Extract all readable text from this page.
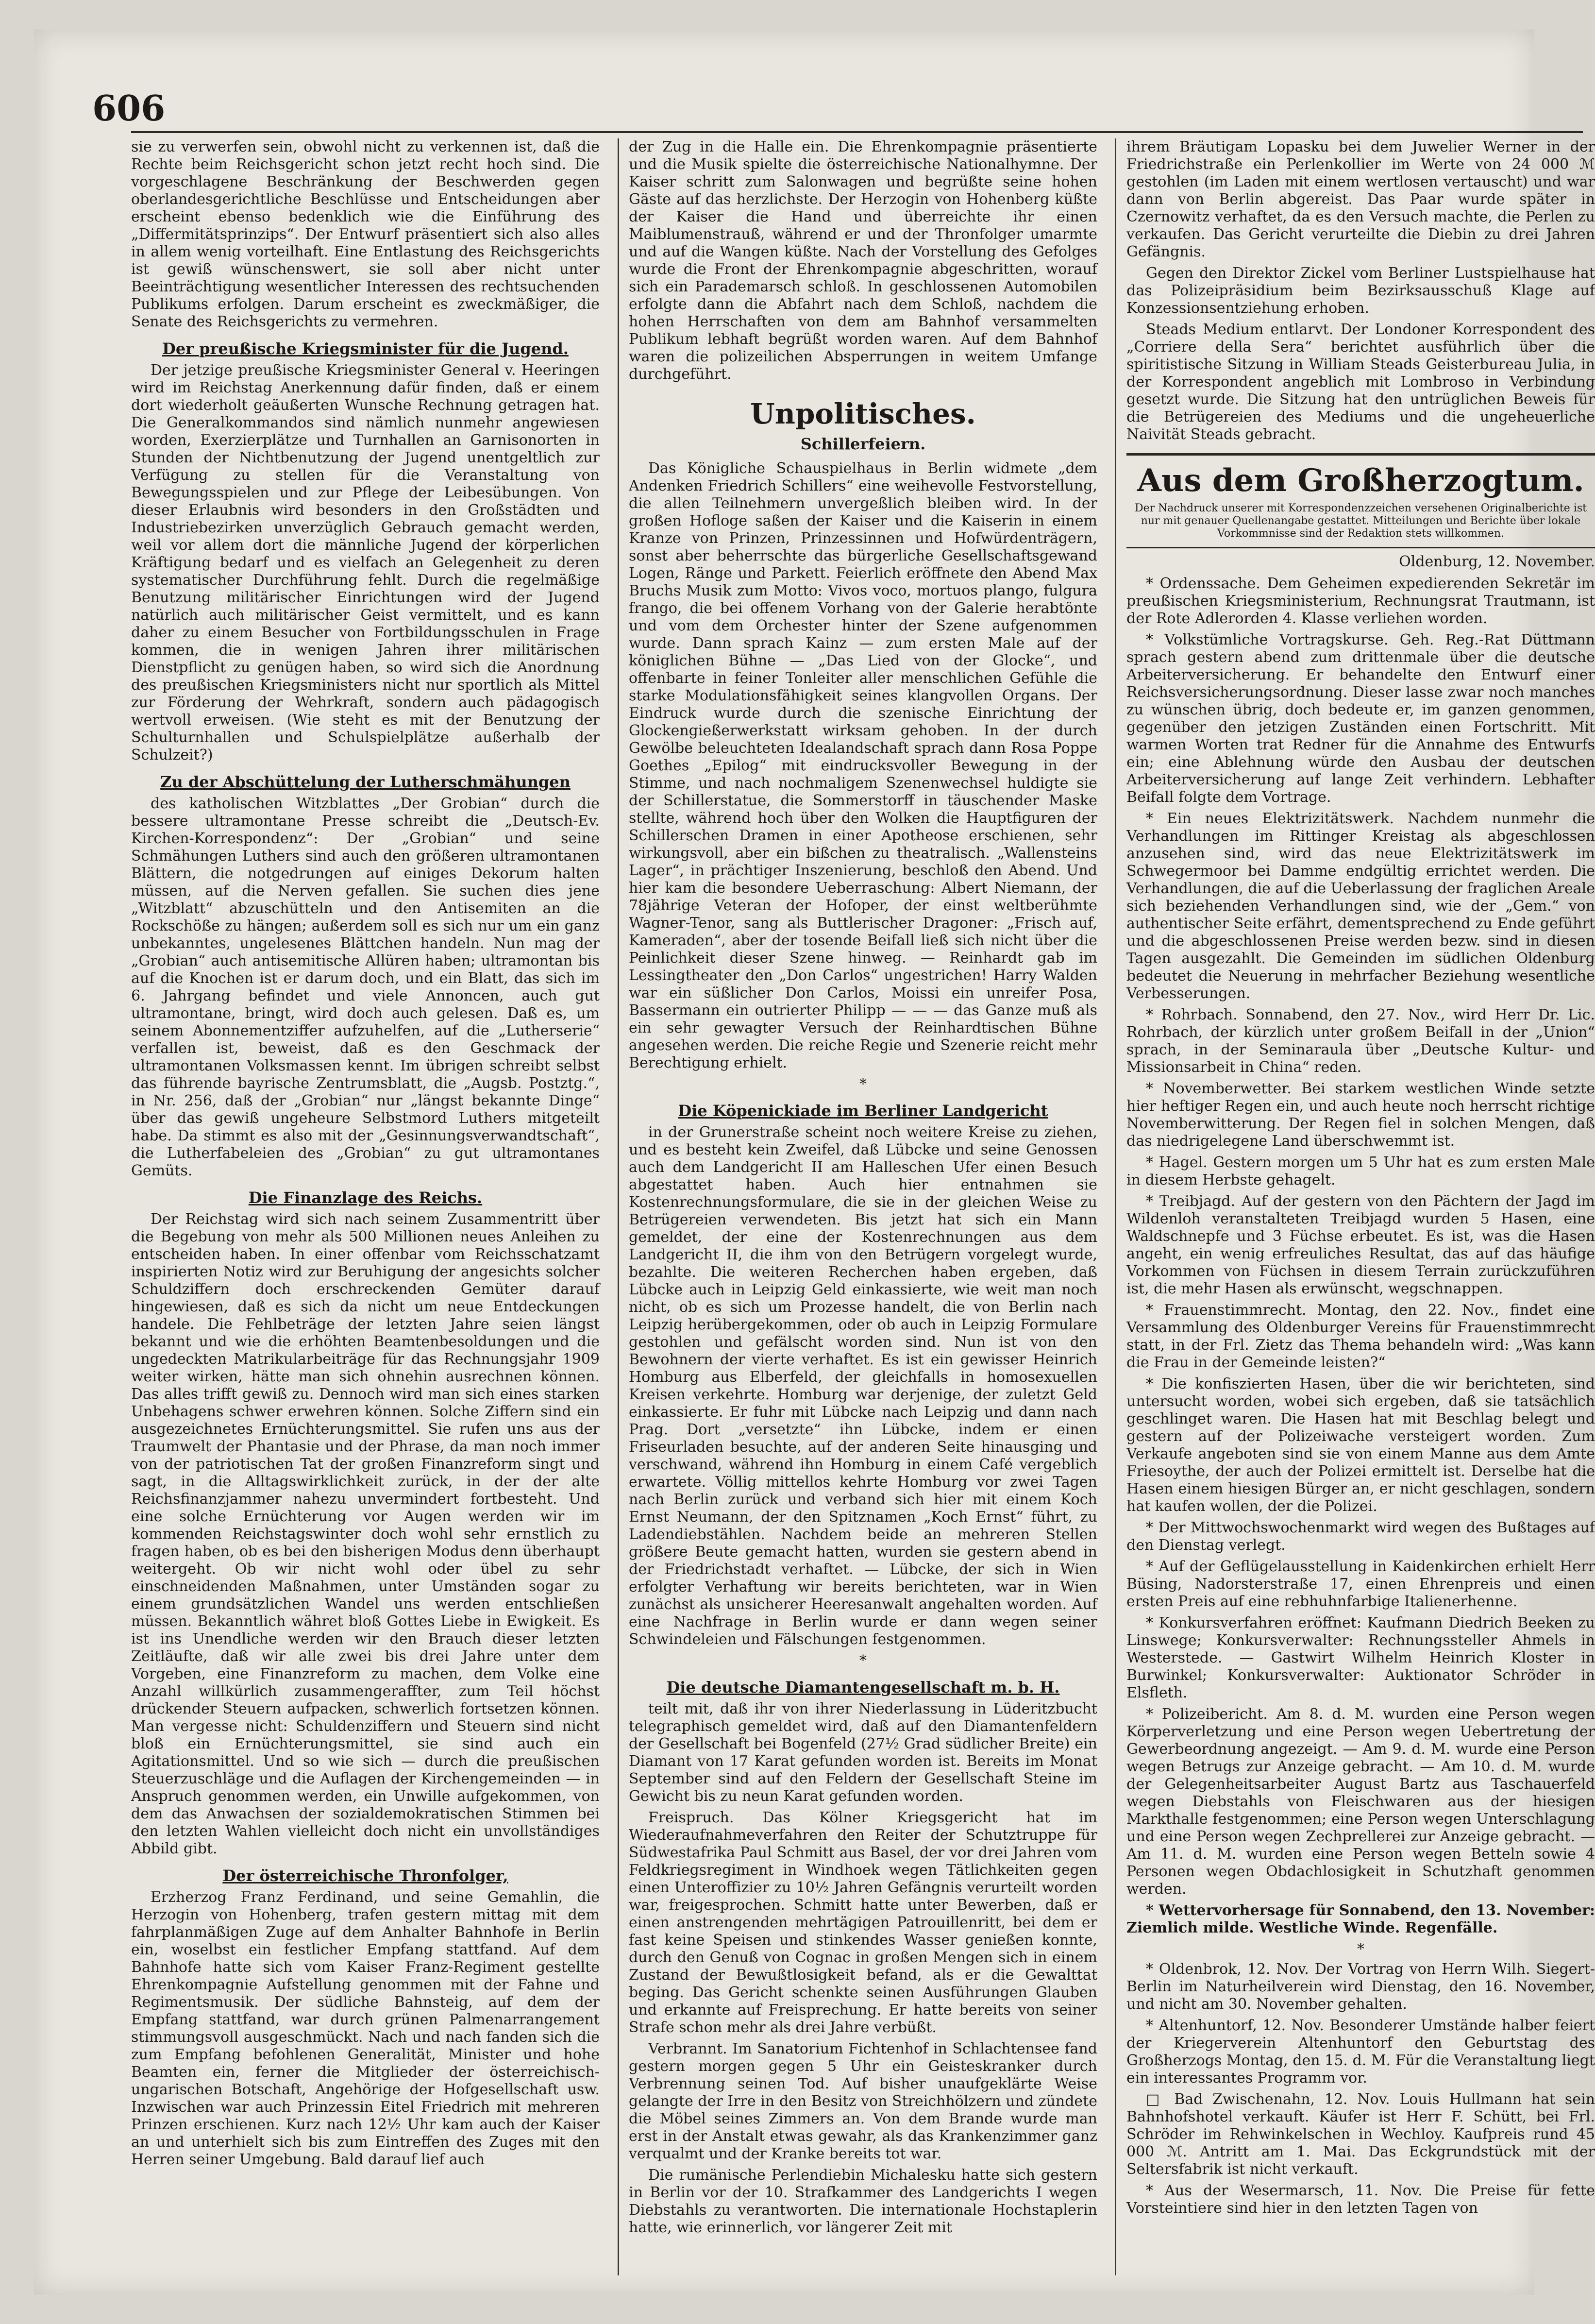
606

sie zu verwerfen sein, obwohl nicht zu verkennen ist, daß die Rechte beim Reichsgericht schon jetzt recht hoch sind. Die vorgeschlagene Beschränkung der Beschwerden gegen oberlandesgerichtliche Beschlüsse und Entscheidungen aber erscheint ebenso bedenklich wie die Einführung des „Differmitätsprinzips“. Der Entwurf präsentiert sich also alles in allem wenig vorteilhaft. Eine Entlastung des Reichsgerichts ist gewiß wünschenswert, sie soll aber nicht unter Beeinträchtigung wesentlicher Interessen des rechtsuchenden Publikums erfolgen. Darum erscheint es zweckmäßiger, die Senate des Reichsgerichts zu vermehren.

Der preußische Kriegsminister für die Jugend.

Der jetzige preußische Kriegsminister General v. Heeringen wird im Reichstag Anerkennung dafür finden, daß er einem dort wiederholt geäußerten Wunsche Rechnung getragen hat. Die Generalkommandos sind nämlich nunmehr angewiesen worden, Exerzierplätze und Turnhallen an Garnisonorten in Stunden der Nichtbenutzung der Jugend unentgeltlich zur Verfügung zu stellen für die Veranstaltung von Bewegungsspielen und zur Pflege der Leibesübungen. Von dieser Erlaubnis wird besonders in den Großstädten und Industriebezirken unverzüglich Gebrauch gemacht werden, weil vor allem dort die männliche Jugend der körperlichen Kräftigung bedarf und es vielfach an Gelegenheit zu deren systematischer Durchführung fehlt. Durch die regelmäßige Benutzung militärischer Einrichtungen wird der Jugend natürlich auch militärischer Geist vermittelt, und es kann daher zu einem Besucher von Fortbildungsschulen in Frage kommen, die in wenigen Jahren ihrer militärischen Dienstpflicht zu genügen haben, so wird sich die Anordnung des preußischen Kriegsministers nicht nur sportlich als Mittel zur Förderung der Wehrkraft, sondern auch pädagogisch wertvoll erweisen. (Wie steht es mit der Benutzung der Schulturnhallen und Schulspielplätze außerhalb der Schulzeit?)

Zu der Abschüttelung der Lutherschmähungen

des katholischen Witzblattes „Der Grobian“ durch die bessere ultramontane Presse schreibt die „Deutsch-Ev. Kirchen-Korrespondenz“: Der „Grobian“ und seine Schmähungen Luthers sind auch den größeren ultramontanen Blättern, die notgedrungen auf einiges Dekorum halten müssen, auf die Nerven gefallen. Sie suchen dies jene „Witzblatt“ abzuschütteln und den Antisemiten an die Rockschöße zu hängen; außerdem soll es sich nur um ein ganz unbekanntes, ungelesenes Blättchen handeln. Nun mag der „Grobian“ auch antisemitische Allüren haben; ultramontan bis auf die Knochen ist er darum doch, und ein Blatt, das sich im 6. Jahrgang befindet und viele Annoncen, auch gut ultramontane, bringt, wird doch auch gelesen. Daß es, um seinem Abonnementziffer aufzuhelfen, auf die „Lutherserie“ verfallen ist, beweist, daß es den Geschmack der ultramontanen Volksmassen kennt. Im übrigen schreibt selbst das führende bayrische Zentrumsblatt, die „Augsb. Postztg.“, in Nr. 256, daß der „Grobian“ nur „längst bekannte Dinge“ über das gewiß ungeheure Selbstmord Luthers mitgeteilt habe. Da stimmt es also mit der „Gesinnungsverwandtschaft“, die Lutherfabeleien des „Grobian“ zu gut ultramontanes Gemüts.

Die Finanzlage des Reichs.

Der Reichstag wird sich nach seinem Zusammentritt über die Begebung von mehr als 500 Millionen neues Anleihen zu entscheiden haben. In einer offenbar vom Reichsschatzamt inspirierten Notiz wird zur Beruhigung der angesichts solcher Schuldziffern doch erschreckenden Gemüter darauf hingewiesen, daß es sich da nicht um neue Entdeckungen handele. Die Fehlbeträge der letzten Jahre seien längst bekannt und wie die erhöhten Beamtenbesoldungen und die ungedeckten Matrikularbeiträge für das Rechnungsjahr 1909 weiter wirken, hätte man sich ohnehin ausrechnen können. Das alles trifft gewiß zu. Dennoch wird man sich eines starken Unbehagens schwer erwehren können. Solche Ziffern sind ein ausgezeichnetes Ernüchterungsmittel. Sie rufen uns aus der Traumwelt der Phantasie und der Phrase, da man noch immer von der patriotischen Tat der großen Finanzreform singt und sagt, in die Alltagswirklichkeit zurück, in der der alte Reichsfinanzjammer nahezu unvermindert fortbesteht. Und eine solche Ernüchterung vor Augen werden wir im kommenden Reichstagswinter doch wohl sehr ernstlich zu fragen haben, ob es bei den bisherigen Modus denn überhaupt weitergeht. Ob wir nicht wohl oder übel zu sehr einschneidenden Maßnahmen, unter Umständen sogar zu einem grundsätzlichen Wandel uns werden entschließen müssen. Bekanntlich währet bloß Gottes Liebe in Ewigkeit. Es ist ins Unendliche werden wir den Brauch dieser letzten Zeitläufte, daß wir alle zwei bis drei Jahre unter dem Vorgeben, eine Finanzreform zu machen, dem Volke eine Anzahl willkürlich zusammengeraffter, zum Teil höchst drückender Steuern aufpacken, schwerlich fortsetzen können. Man vergesse nicht: Schuldenziffern und Steuern sind nicht bloß ein Ernüchterungsmittel, sie sind auch ein Agitationsmittel. Und so wie sich — durch die preußischen Steuerzuschläge und die Auflagen der Kirchengemeinden — in Anspruch genommen werden, ein Unwille aufgekommen, von dem das Anwachsen der sozialdemokratischen Stimmen bei den letzten Wahlen vielleicht doch nicht ein unvollständiges Abbild gibt.

Der österreichische Thronfolger,

Erzherzog Franz Ferdinand, und seine Gemahlin, die Herzogin von Hohenberg, trafen gestern mittag mit dem fahrplanmäßigen Zuge auf dem Anhalter Bahnhofe in Berlin ein, woselbst ein festlicher Empfang stattfand. Auf dem Bahnhofe hatte sich vom Kaiser Franz-Regiment gestellte Ehrenkompagnie Aufstellung genommen mit der Fahne und Regimentsmusik. Der südliche Bahnsteig, auf dem der Empfang stattfand, war durch grünen Palmenarrangement stimmungsvoll ausgeschmückt. Nach und nach fanden sich die zum Empfang befohlenen Generalität, Minister und hohe Beamten ein, ferner die Mitglieder der österreichisch-ungarischen Botschaft, Angehörige der Hofgesellschaft usw. Inzwischen war auch Prinzessin Eitel Friedrich mit mehreren Prinzen erschienen. Kurz nach 12½ Uhr kam auch der Kaiser an und unterhielt sich bis zum Eintreffen des Zuges mit den Herren seiner Umgebung. Bald darauf lief auch

der Zug in die Halle ein. Die Ehrenkompagnie präsentierte und die Musik spielte die österreichische Nationalhymne. Der Kaiser schritt zum Salonwagen und begrüßte seine hohen Gäste auf das herzlichste. Der Herzogin von Hohenberg küßte der Kaiser die Hand und überreichte ihr einen Maiblumenstrauß, während er und der Thronfolger umarmte und auf die Wangen küßte. Nach der Vorstellung des Gefolges wurde die Front der Ehrenkompagnie abgeschritten, worauf sich ein Parademarsch schloß. In geschlossenen Automobilen erfolgte dann die Abfahrt nach dem Schloß, nachdem die hohen Herrschaften von dem am Bahnhof versammelten Publikum lebhaft begrüßt worden waren. Auf dem Bahnhof waren die polizeilichen Absperrungen in weitem Umfange durchgeführt.

Unpolitisches.
Schillerfeiern.

Das Königliche Schauspielhaus in Berlin widmete „dem Andenken Friedrich Schillers“ eine weihevolle Festvorstellung, die allen Teilnehmern unvergeßlich bleiben wird. In der großen Hofloge saßen der Kaiser und die Kaiserin in einem Kranze von Prinzen, Prinzessinnen und Hofwürdenträgern, sonst aber beherrschte das bürgerliche Gesellschaftsgewand Logen, Ränge und Parkett. Feierlich eröffnete den Abend Max Bruchs Musik zum Motto: Vivos voco, mortuos plango, fulgura frango, die bei offenem Vorhang von der Galerie herabtönte und vom dem Orchester hinter der Szene aufgenommen wurde. Dann sprach Kainz — zum ersten Male auf der königlichen Bühne — „Das Lied von der Glocke“, und offenbarte in feiner Tonleiter aller menschlichen Gefühle die starke Modulationsfähigkeit seines klangvollen Organs. Der Eindruck wurde durch die szenische Einrichtung der Glockengießerwerkstatt wirksam gehoben. In der durch Gewölbe beleuchteten Idealandschaft sprach dann Rosa Poppe Goethes „Epilog“ mit eindrucksvoller Bewegung in der Stimme, und nach nochmaligem Szenenwechsel huldigte sie der Schillerstatue, die Sommerstorff in täuschender Maske stellte, während hoch über den Wolken die Hauptfiguren der Schillerschen Dramen in einer Apotheose erschienen, sehr wirkungsvoll, aber ein bißchen zu theatralisch. „Wallensteins Lager“, in prächtiger Inszenierung, beschloß den Abend. Und hier kam die besondere Ueberraschung: Albert Niemann, der 78jährige Veteran der Hofoper, der einst weltberühmte Wagner-Tenor, sang als Buttlerischer Dragoner: „Frisch auf, Kameraden“, aber der tosende Beifall ließ sich nicht über die Peinlichkeit dieser Szene hinweg. — Reinhardt gab im Lessingtheater den „Don Carlos“ ungestrichen! Harry Walden war ein süßlicher Don Carlos, Moissi ein unreifer Posa, Bassermann ein outrierter Philipp — — — das Ganze muß als ein sehr gewagter Versuch der Reinhardtischen Bühne angesehen werden. Die reiche Regie und Szenerie reicht mehr Berechtigung erhielt.

*
Die Köpenickiade im Berliner Landgericht

in der Grunerstraße scheint noch weitere Kreise zu ziehen, und es besteht kein Zweifel, daß Lübcke und seine Genossen auch dem Landgericht II am Halleschen Ufer einen Besuch abgestattet haben. Auch hier entnahmen sie Kostenrechnungsformulare, die sie in der gleichen Weise zu Betrügereien verwendeten. Bis jetzt hat sich ein Mann gemeldet, der eine der Kostenrechnungen aus dem Landgericht II, die ihm von den Betrügern vorgelegt wurde, bezahlte. Die weiteren Recherchen haben ergeben, daß Lübcke auch in Leipzig Geld einkassierte, wie weit man noch nicht, ob es sich um Prozesse handelt, die von Berlin nach Leipzig herübergekommen, oder ob auch in Leipzig Formulare gestohlen und gefälscht worden sind. Nun ist von den Bewohnern der vierte verhaftet. Es ist ein gewisser Heinrich Homburg aus Elberfeld, der gleichfalls in homosexuellen Kreisen verkehrte. Homburg war derjenige, der zuletzt Geld einkassierte. Er fuhr mit Lübcke nach Leipzig und dann nach Prag. Dort „versetzte“ ihn Lübcke, indem er einen Friseurladen besuchte, auf der anderen Seite hinausging und verschwand, während ihn Homburg in einem Café vergeblich erwartete. Völlig mittellos kehrte Homburg vor zwei Tagen nach Berlin zurück und verband sich hier mit einem Koch Ernst Neumann, der den Spitznamen „Koch Ernst“ führt, zu Ladendiebstählen. Nachdem beide an mehreren Stellen größere Beute gemacht hatten, wurden sie gestern abend in der Friedrichstadt verhaftet. — Lübcke, der sich in Wien erfolgter Verhaftung wir bereits berichteten, war in Wien zunächst als unsicherer Heeresanwalt angehalten worden. Auf eine Nachfrage in Berlin wurde er dann wegen seiner Schwindeleien und Fälschungen festgenommen.

*
Die deutsche Diamantengesellschaft m. b. H.

teilt mit, daß ihr von ihrer Niederlassung in Lüderitzbucht telegraphisch gemeldet wird, daß auf den Diamantenfeldern der Gesellschaft bei Bogenfeld (27½ Grad südlicher Breite) ein Diamant von 17 Karat gefunden worden ist. Bereits im Monat September sind auf den Feldern der Gesellschaft Steine im Gewicht bis zu neun Karat gefunden worden.

Freispruch. Das Kölner Kriegsgericht hat im Wiederaufnahmeverfahren den Reiter der Schutztruppe für Südwestafrika Paul Schmitt aus Basel, der vor drei Jahren vom Feldkriegsregiment in Windhoek wegen Tätlichkeiten gegen einen Unteroffizier zu 10½ Jahren Gefängnis verurteilt worden war, freigesprochen. Schmitt hatte unter Bewerben, daß er einen anstrengenden mehrtägigen Patrouillenritt, bei dem er fast keine Speisen und stinkendes Wasser genießen konnte, durch den Genuß von Cognac in großen Mengen sich in einem Zustand der Bewußtlosigkeit befand, als er die Gewalttat beging. Das Gericht schenkte seinen Ausführungen Glauben und erkannte auf Freisprechung. Er hatte bereits von seiner Strafe schon mehr als drei Jahre verbüßt.

Verbrannt. Im Sanatorium Fichtenhof in Schlachtensee fand gestern morgen gegen 5 Uhr ein Geisteskranker durch Verbrennung seinen Tod. Auf bisher unaufgeklärte Weise gelangte der Irre in den Besitz von Streichhölzern und zündete die Möbel seines Zimmers an. Von dem Brande wurde man erst in der Anstalt etwas gewahr, als das Krankenzimmer ganz verqualmt und der Kranke bereits tot war.

Die rumänische Perlendiebin Michalesku hatte sich gestern in Berlin vor der 10. Strafkammer des Landgerichts I wegen Diebstahls zu verantworten. Die internationale Hochstaplerin hatte, wie erinnerlich, vor längerer Zeit mit

ihrem Bräutigam Lopasku bei dem Juwelier Werner in der Friedrichstraße ein Perlenkollier im Werte von 24 000 ℳ gestohlen (im Laden mit einem wertlosen vertauscht) und war dann von Berlin abgereist. Das Paar wurde später in Czernowitz verhaftet, da es den Versuch machte, die Perlen zu verkaufen. Das Gericht verurteilte die Diebin zu drei Jahren Gefängnis.

Gegen den Direktor Zickel vom Berliner Lustspielhause hat das Polizeipräsidium beim Bezirksausschuß Klage auf Konzessionsentziehung erhoben.

Steads Medium entlarvt. Der Londoner Korrespondent des „Corriere della Sera“ berichtet ausführlich über die spiritistische Sitzung in William Steads Geisterbureau Julia, in der Korrespondent angeblich mit Lombroso in Verbindung gesetzt wurde. Die Sitzung hat den untrüglichen Beweis für die Betrügereien des Mediums und die ungeheuerliche Naivität Steads gebracht.

Aus dem Großherzogtum.
Der Nachdruck unserer mit Korrespondenzzeichen versehenen Originalberichte ist nur mit genauer Quellenangabe gestattet. Mitteilungen und Berichte über lokale Vorkommnisse sind der Redaktion stets willkommen.
Oldenburg, 12. November.

* Ordenssache. Dem Geheimen expedierenden Sekretär im preußischen Kriegsministerium, Rechnungsrat Trautmann, ist der Rote Adlerorden 4. Klasse verliehen worden.

* Volkstümliche Vortragskurse. Geh. Reg.-Rat Düttmann sprach gestern abend zum drittenmale über die deutsche Arbeiterversicherung. Er behandelte den Entwurf einer Reichsversicherungsordnung. Dieser lasse zwar noch manches zu wünschen übrig, doch bedeute er, im ganzen genommen, gegenüber den jetzigen Zuständen einen Fortschritt. Mit warmen Worten trat Redner für die Annahme des Entwurfs ein; eine Ablehnung würde den Ausbau der deutschen Arbeiterversicherung auf lange Zeit verhindern. Lebhafter Beifall folgte dem Vortrage.

* Ein neues Elektrizitätswerk. Nachdem nunmehr die Verhandlungen im Rittinger Kreistag als abgeschlossen anzusehen sind, wird das neue Elektrizitätswerk im Schwegermoor bei Damme endgültig errichtet werden. Die Verhandlungen, die auf die Ueberlassung der fraglichen Areale sich beziehenden Verhandlungen sind, wie der „Gem.“ von authentischer Seite erfährt, dementsprechend zu Ende geführt und die abgeschlossenen Preise werden bezw. sind in diesen Tagen ausgezahlt. Die Gemeinden im südlichen Oldenburg bedeutet die Neuerung in mehrfacher Beziehung wesentliche Verbesserungen.

* Rohrbach. Sonnabend, den 27. Nov., wird Herr Dr. Lic. Rohrbach, der kürzlich unter großem Beifall in der „Union“ sprach, in der Seminaraula über „Deutsche Kultur- und Missionsarbeit in China“ reden.

* Novemberwetter. Bei starkem westlichen Winde setzte hier heftiger Regen ein, und auch heute noch herrscht richtige Novemberwitterung. Der Regen fiel in solchen Mengen, daß das niedrigelegene Land überschwemmt ist.

* Hagel. Gestern morgen um 5 Uhr hat es zum ersten Male in diesem Herbste gehagelt.

* Treibjagd. Auf der gestern von den Pächtern der Jagd im Wildenloh veranstalteten Treibjagd wurden 5 Hasen, eine Waldschnepfe und 3 Füchse erbeutet. Es ist, was die Hasen angeht, ein wenig erfreuliches Resultat, das auf das häufige Vorkommen von Füchsen in diesem Terrain zurückzuführen ist, die mehr Hasen als erwünscht, wegschnappen.

* Frauenstimmrecht. Montag, den 22. Nov., findet eine Versammlung des Oldenburger Vereins für Frauenstimmrecht statt, in der Frl. Zietz das Thema behandeln wird: „Was kann die Frau in der Gemeinde leisten?“

* Die konfiszierten Hasen, über die wir berichteten, sind untersucht worden, wobei sich ergeben, daß sie tatsächlich geschlinget waren. Die Hasen hat mit Beschlag belegt und gestern auf der Polizeiwache versteigert worden. Zum Verkaufe angeboten sind sie von einem Manne aus dem Amte Friesoythe, der auch der Polizei ermittelt ist. Derselbe hat die Hasen einem hiesigen Bürger an, er nicht geschlagen, sondern hat kaufen wollen, der die Polizei.

* Der Mittwochswochenmarkt wird wegen des Bußtages auf den Dienstag verlegt.

* Auf der Geflügelausstellung in Kaidenkirchen erhielt Herr Büsing, Nadorsterstraße 17, einen Ehrenpreis und einen ersten Preis auf eine rebhuhnfarbige Italienerhenne.

* Konkursverfahren eröffnet: Kaufmann Diedrich Beeken zu Linswege; Konkursverwalter: Rechnungssteller Ahmels in Westerstede. — Gastwirt Wilhelm Heinrich Kloster in Burwinkel; Konkursverwalter: Auktionator Schröder in Elsfleth.

* Polizeibericht. Am 8. d. M. wurden eine Person wegen Körperverletzung und eine Person wegen Uebertretung der Gewerbeordnung angezeigt. — Am 9. d. M. wurde eine Person wegen Betrugs zur Anzeige gebracht. — Am 10. d. M. wurde der Gelegenheitsarbeiter August Bartz aus Taschauerfeld wegen Diebstahls von Fleischwaren aus der hiesigen Markthalle festgenommen; eine Person wegen Unterschlagung und eine Person wegen Zechprellerei zur Anzeige gebracht. — Am 11. d. M. wurden eine Person wegen Betteln sowie 4 Personen wegen Obdachlosigkeit in Schutzhaft genommen werden.

* Wettervorhersage für Sonnabend, den 13. November: Ziemlich milde. Westliche Winde. Regenfälle.

*

* Oldenbrok, 12. Nov. Der Vortrag von Herrn Wilh. Siegert-Berlin im Naturheilverein wird Dienstag, den 16. November, und nicht am 30. November gehalten.

* Altenhuntorf, 12. Nov. Besonderer Umstände halber feiert der Kriegerverein Altenhuntorf den Geburtstag des Großherzogs Montag, den 15. d. M. Für die Veranstaltung liegt ein interessantes Programm vor.

□ Bad Zwischenahn, 12. Nov. Louis Hullmann hat sein Bahnhofshotel verkauft. Käufer ist Herr F. Schütt, bei Frl. Schröder im Rehwinkelschen in Wechloy. Kaufpreis rund 45 000 ℳ. Antritt am 1. Mai. Das Eckgrundstück mit der Seltersfabrik ist nicht verkauft.

* Aus der Wesermarsch, 11. Nov. Die Preise für fette Vorsteintiere sind hier in den letzten Tagen von
